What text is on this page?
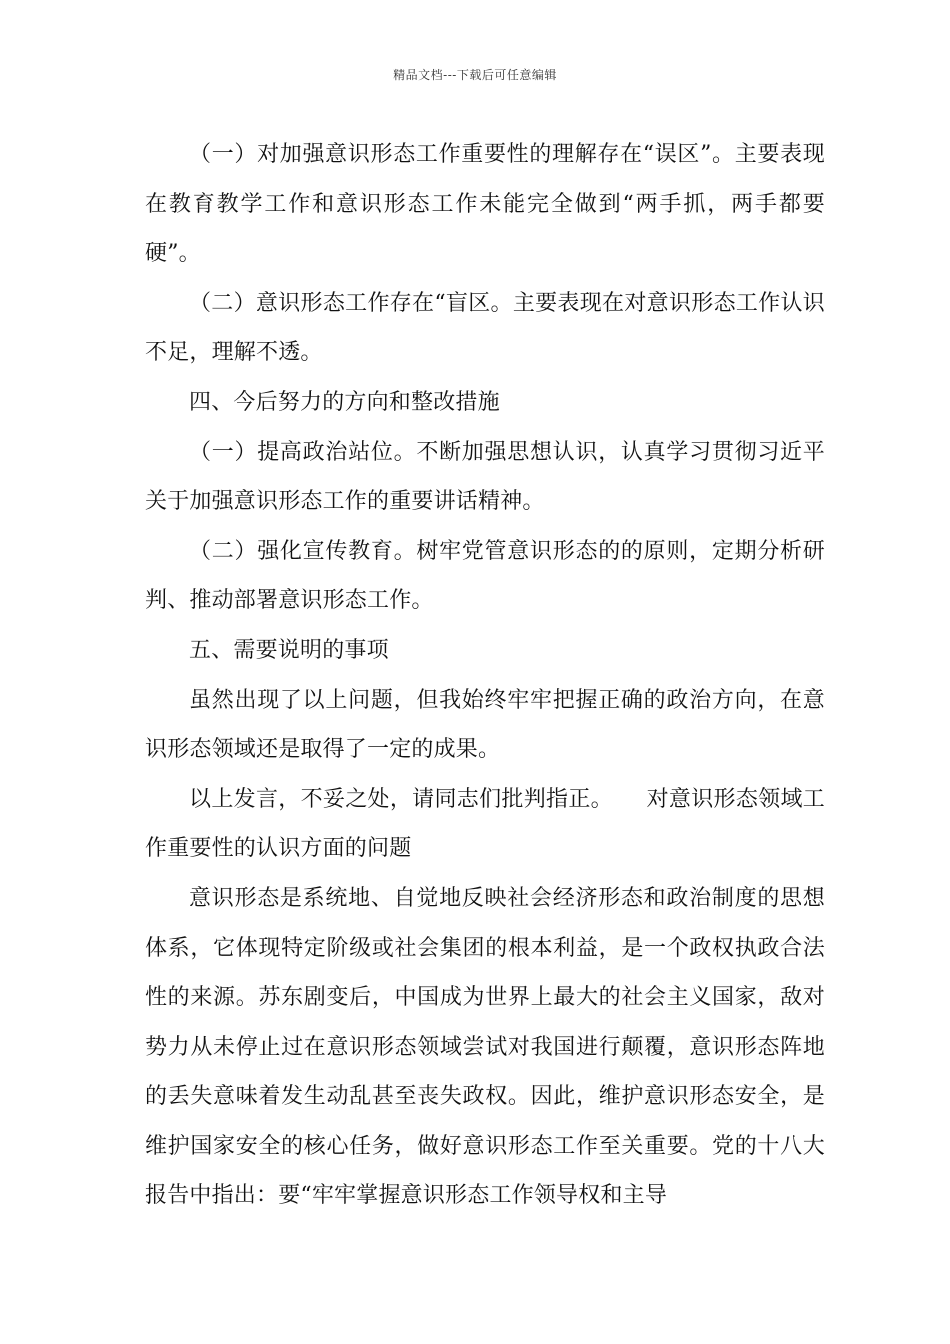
精品文档---下载后可任意编辑

（一）对加强意识形态工作重要性的理解存在“误区”。主要表现在教育教学工作和意识形态工作未能完全做到“两手抓，两手都要硬”。

（二）意识形态工作存在“盲区。主要表现在对意识形态工作认识不足，理解不透。

四、今后努力的方向和整改措施

（一）提高政治站位。不断加强思想认识，认真学习贯彻习近平关于加强意识形态工作的重要讲话精神。

（二）强化宣传教育。树牢党管意识形态的的原则，定期分析研判、推动部署意识形态工作。

五、需要说明的事项

虽然出现了以上问题，但我始终牢牢把握正确的政治方向，在意识形态领域还是取得了一定的成果。

以上发言，不妥之处，请同志们批判指正。　　对意识形态领域工作重要性的认识方面的问题

意识形态是系统地、自觉地反映社会经济形态和政治制度的思想体系，它体现特定阶级或社会集团的根本利益，是一个政权执政合法性的来源。苏东剧变后，中国成为世界上最大的社会主义国家，敌对势力从未停止过在意识形态领域尝试对我国进行颠覆，意识形态阵地的丢失意味着发生动乱甚至丧失政权。因此，维护意识形态安全，是维护国家安全的核心任务，做好意识形态工作至关重要。党的十八大报告中指出：要“牢牢掌握意识形态工作领导权和主导
